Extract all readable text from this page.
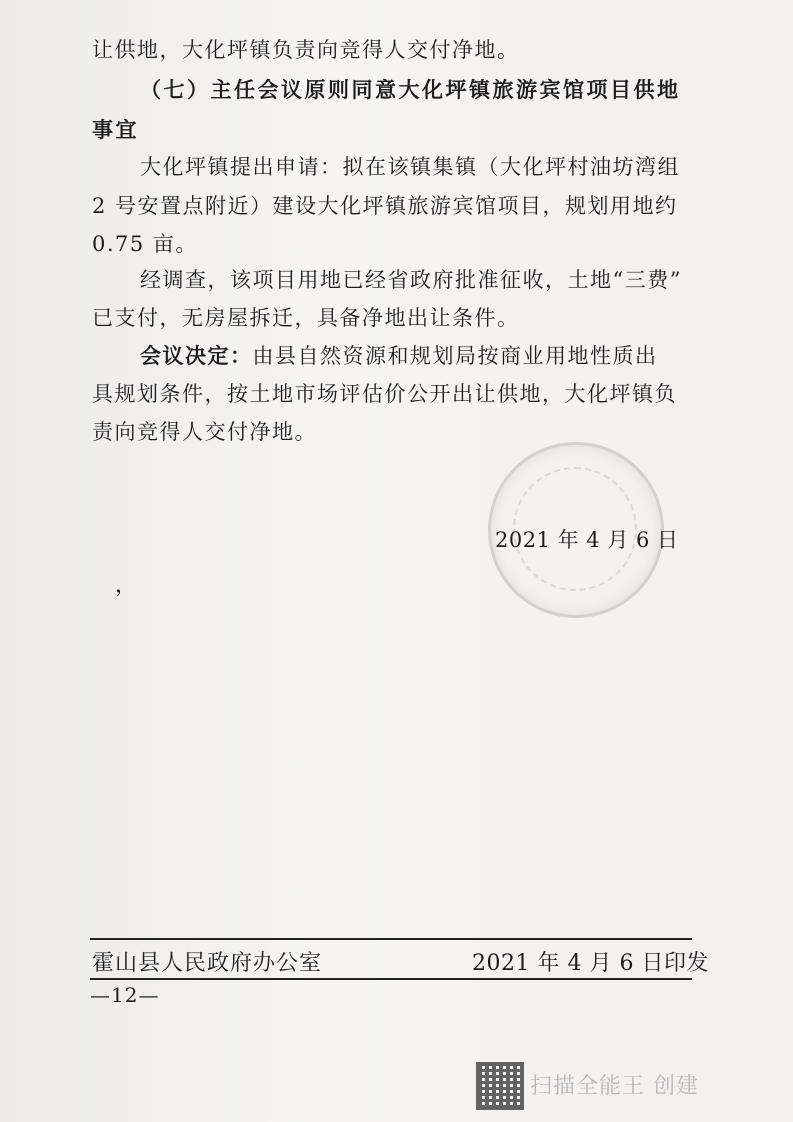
让供地，大化坪镇负责向竞得人交付净地。
（七）主任会议原则同意大化坪镇旅游宾馆项目供地
事宜
大化坪镇提出申请：拟在该镇集镇（大化坪村油坊湾组
2 号安置点附近）建设大化坪镇旅游宾馆项目，规划用地约
0.75 亩。
经调查，该项目用地已经省政府批准征收，土地“三费”
已支付，无房屋拆迁，具备净地出让条件。
会议决定：由县自然资源和规划局按商业用地性质出
具规划条件，按土地市场评估价公开出让供地，大化坪镇负
责向竞得人交付净地。
2021 年 4 月 6 日
，
霍山县人民政府办公室	2021 年 4 月 6 日印发
—12—
扫描全能王 创建
